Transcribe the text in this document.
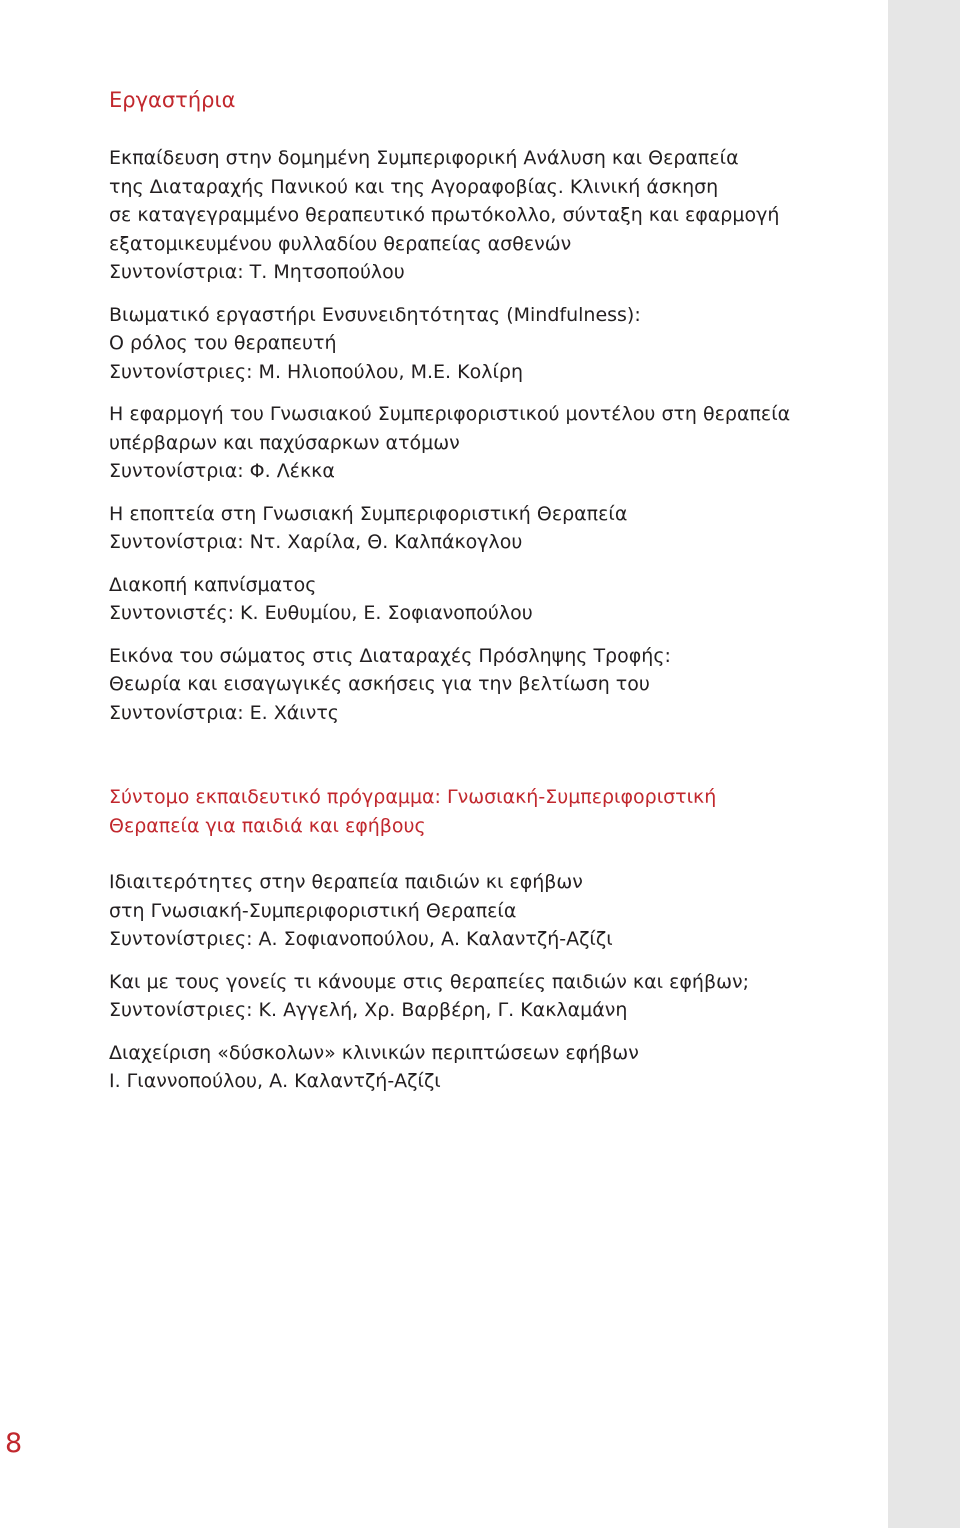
8
Εργαστήρια
Εκπαίδευση στην δομημένη Συμπεριφορική Ανάλυση και Θεραπεία
της Διαταραχής Πανικού και της Αγοραφοβίας. Κλινική άσκηση
σε καταγεγραμμένο θεραπευτικό πρωτόκολλο, σύνταξη και εφαρμογή
εξατομικευμένου φυλλαδίου θεραπείας ασθενών
Συντονίστρια: Τ. Μητσοπούλου
Βιωματικό εργαστήρι Ενσυνειδητότητας (Mindfulness):
Ο ρόλος του θεραπευτή
Συντονίστριες: Μ. Ηλιοπούλου, Μ.Ε. Κολίρη
Η εφαρμογή του Γνωσιακού Συμπεριφοριστικού μοντέλου στη θεραπεία
υπέρβαρων και παχύσαρκων ατόμων
Συντονίστρια: Φ. Λέκκα
Η εποπτεία στη Γνωσιακή Συμπεριφοριστική Θεραπεία
Συντονίστρια: Ντ. Χαρίλα, Θ. Καλπάκογλου
Διακοπή καπνίσματος
Συντονιστές: Κ. Ευθυμίου, Ε. Σοφιανοπούλου
Εικόνα του σώματος στις Διαταραχές Πρόσληψης Τροφής:
Θεωρία και εισαγωγικές ασκήσεις για την βελτίωση του
Συντονίστρια: Ε. Χάιντς
Σύντομο εκπαιδευτικό πρόγραμμα: Γνωσιακή-Συμπεριφοριστική
Θεραπεία για παιδιά και εφήβους
Ιδιαιτερότητες στην θεραπεία παιδιών κι εφήβων
στη Γνωσιακή-Συμπεριφοριστική Θεραπεία
Συντονίστριες: Α. Σοφιανοπούλου, Α. Καλαντζή-Αζίζι
Και με τους γονείς τι κάνουμε στις θεραπείες παιδιών και εφήβων;
Συντονίστριες: Κ. Αγγελή, Χρ. Βαρβέρη, Γ. Κακλαμάνη
Διαχείριση «δύσκολων» κλινικών περιπτώσεων εφήβων
Ι. Γιαννοπούλου, Α. Καλαντζή-Αζίζι
